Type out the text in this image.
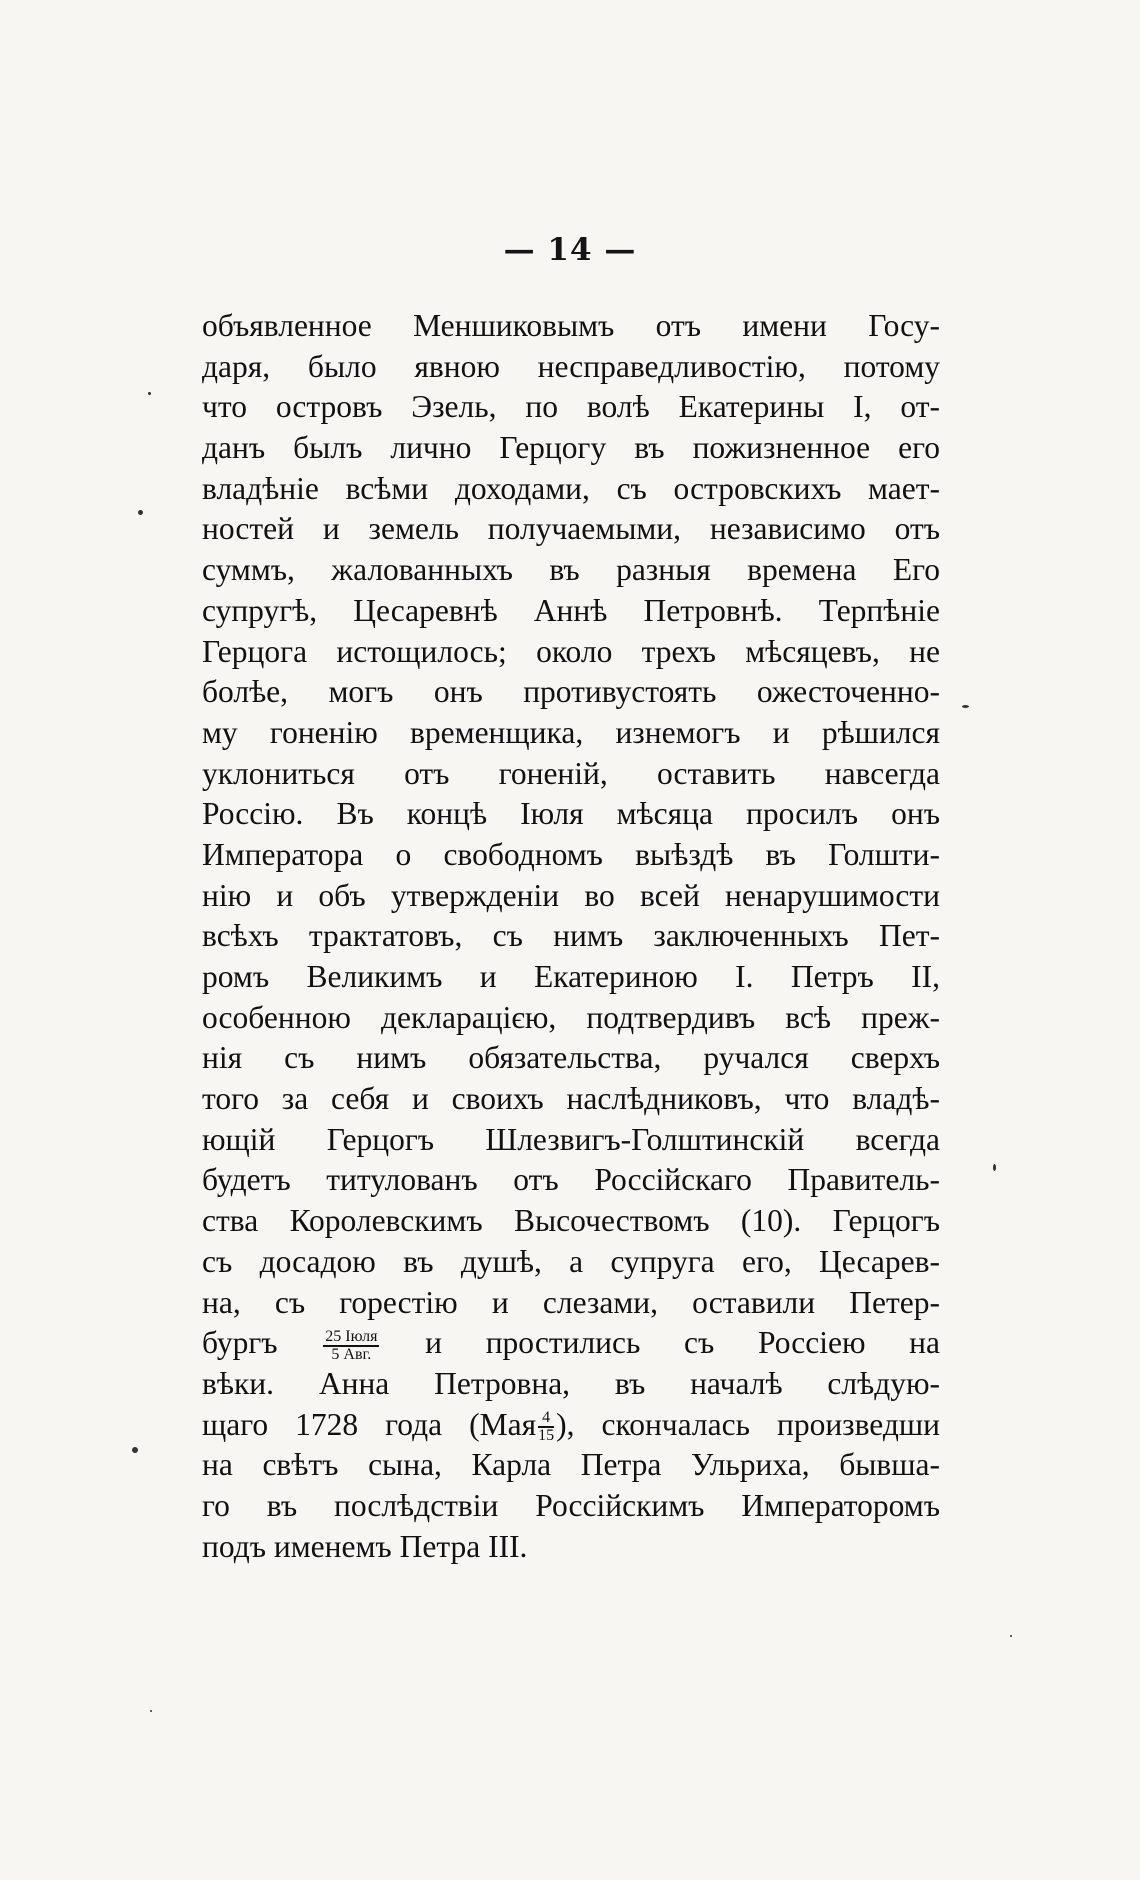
— 14 —
объявленное Меншиковымъ отъ имени Госу-
даря, было явною несправедливостію, потому
что островъ Эзель, по волѣ Екатерины I, от-
данъ былъ лично Герцогу въ пожизненное его
владѣніе всѣми доходами, съ островскихъ мает-
ностей и земель получаемыми, независимо отъ
суммъ, жалованныхъ въ разныя времена Его
супругѣ, Цесаревнѣ Аннѣ Петровнѣ. Терпѣніе
Герцога истощилось; около трехъ мѣсяцевъ, не
болѣе, могъ онъ противустоять ожесточенно-
му гоненію временщика, изнемогъ и рѣшился
уклониться отъ гоненій, оставить навсегда
Россію. Въ концѣ Іюля мѣсяца просилъ онъ
Императора о свободномъ выѣздѣ въ Голшти-
нію и объ утвержденіи во всей ненарушимости
всѣхъ трактатовъ, съ нимъ заключенныхъ Пет-
ромъ Великимъ и Екатериною I. Петръ II,
особенною декларацією, подтвердивъ всѣ преж-
нія съ нимъ обязательства, ручался сверхъ
того за себя и своихъ наслѣдниковъ, что владѣ-
ющій Герцогъ Шлезвигъ-Голштинскій всегда
будетъ титулованъ отъ Россійскаго Правитель-
ства Королевскимъ Высочествомъ (10). Герцогъ
съ досадою въ душѣ, а супруга его, Цесарев-
на, съ горестію и слезами, оставили Петер-
бургъ	$\frac{\text{25 Іюля}}{\text{5 Авг.}}$ и простились съ Россіею на
вѣки. Анна Петровна, въ началѣ слѣдую-
щаго 1728 года ($Мая \frac{4}{15}$ ), скончалась произведши
на свѣтъ сына, Карла Петра Ульриха, бывша-
го въ послѣдствіи Россійскимъ Императоромъ
подъ именемъ Петра III.
